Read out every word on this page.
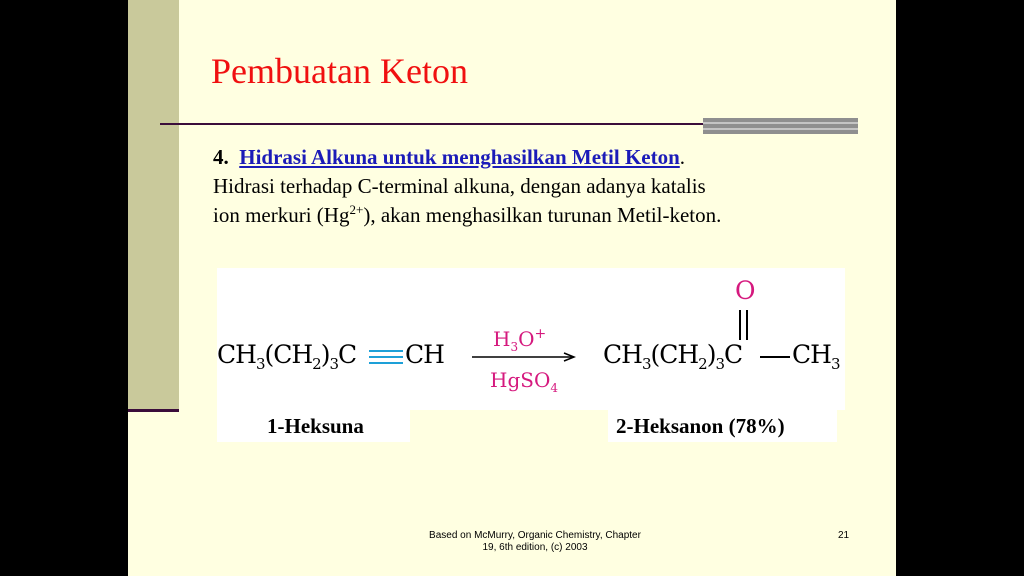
Pembuatan Keton

4. Hidrasi Alkuna untuk menghasilkan Metil Keton.

Hidrasi terhadap C-terminal alkuna, dengan adanya katalis

ion merkuri $(Hg^{2+})$, akan menghasilkan turunan Metil-keton.

$CH_3(CH_2)_3C$ CH
$H_3O^+$
HgSO$_4$
O
$CH_3(CH_2)_3C$ $CH_3$
1-Heksuna	2-Heksanon (78%)
Based on McMurry, Organic Chemistry, Chapter
19, 6th edition, (c) 2003
21
